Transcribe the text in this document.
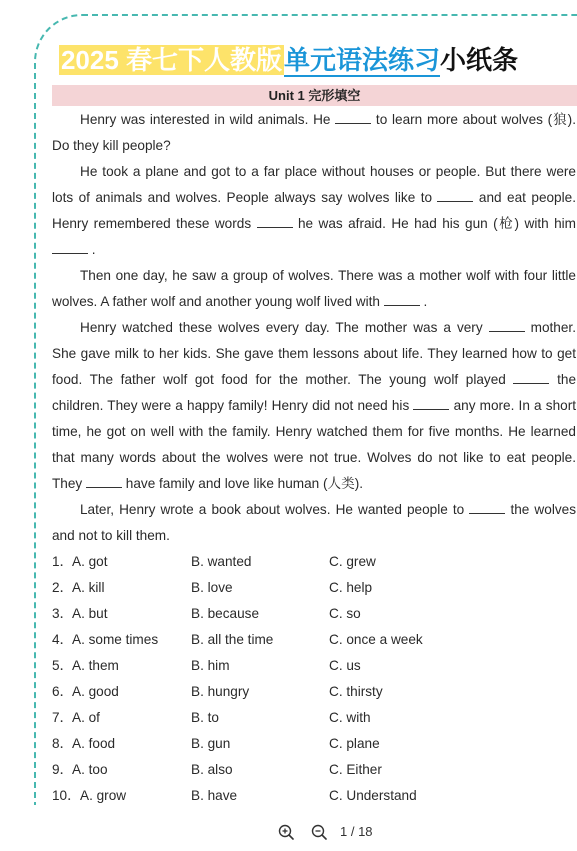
2025 春七下人教版单元语法练习小纸条
Unit 1 完形填空

Henry was interested in wild animals. He	to learn more about wolves (狼). Do they kill people?

He took a plane and got to a far place without houses or people. But there were lots of animals and wolves. People always say wolves like to	and eat people. Henry remembered these words	he was afraid. He had his gun (枪) with him  .

Then one day, he saw a group of wolves. There was a mother wolf with four little wolves. A father wolf and another young wolf lived with	.

Henry watched these wolves every day. The mother was a very	mother. She gave milk to her kids. She gave them lessons about life. They learned how to get food. The father wolf got food for the mother. The young wolf played	the children. They were a happy family! Henry did not need his	any more. In a short time, he got on well with the family. Henry watched them for five months. He learned that many words about the wolves were not true. Wolves do not like to eat people. They	have family and love like human (人类).

Later, Henry wrote a book about wolves. He wanted people to	the wolves and not to kill them.

1．
A. got	B. wanted	C. grew
2．
A. kill	B. love	C. help
3．
A. but	B. because	C. so
4．
A. some times B. all the time	C. once a week
5．
A. them	B. him	C. us
6．
A. good	B. hungry	C. thirsty
7．
A. of	B. to	C. with
8．
A. food	B. gun	C. plane
9．
A. too	B. also	C. Either
10． A. grow	B. have	C. Understand
1 / 18
